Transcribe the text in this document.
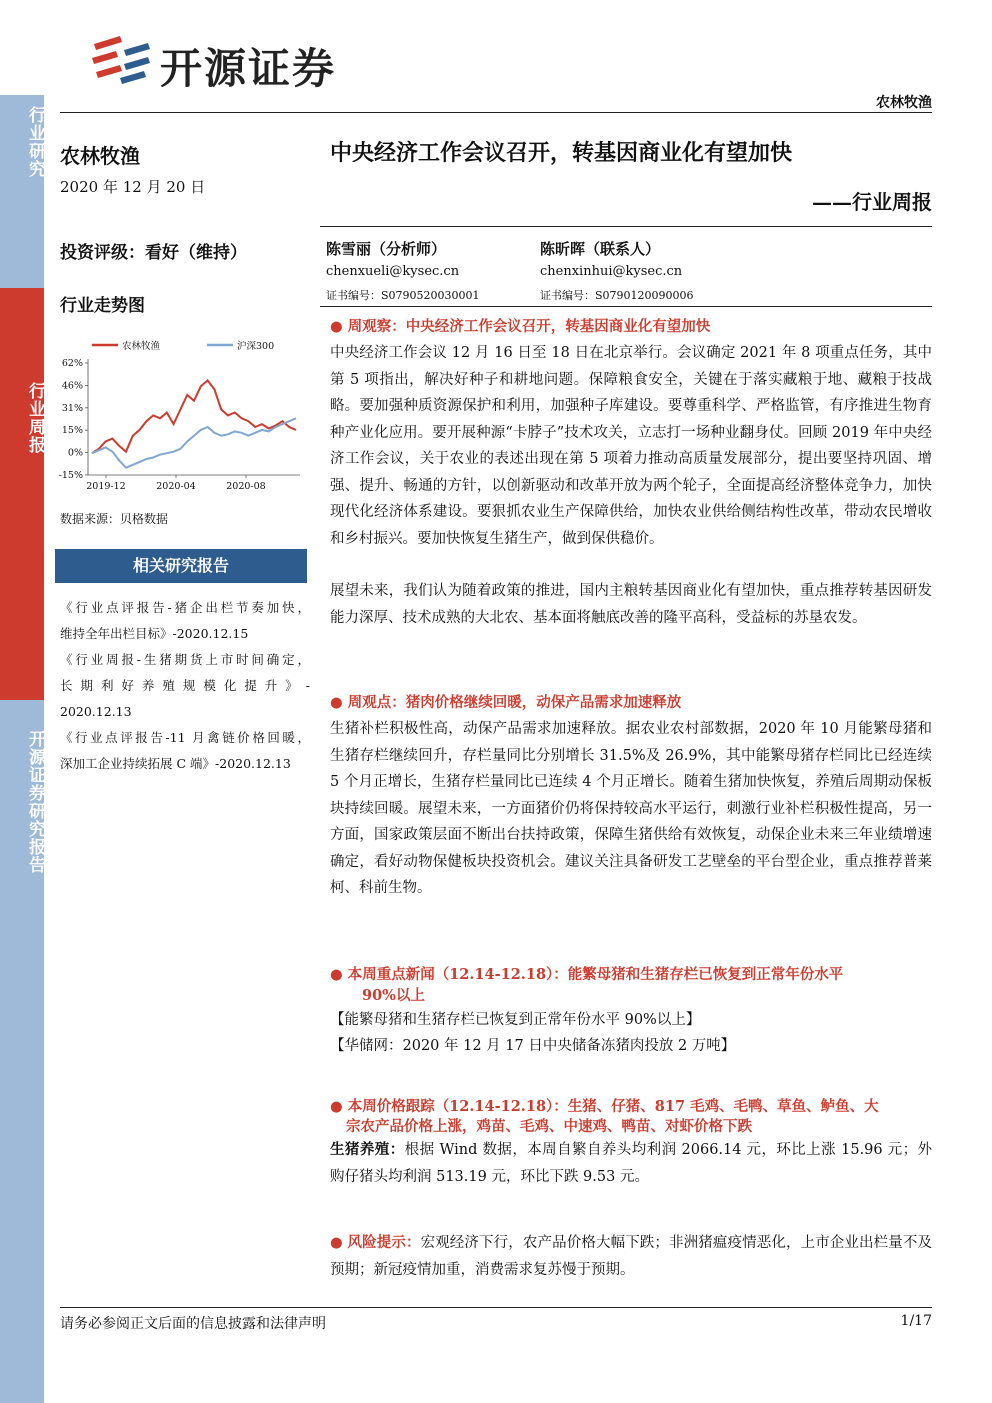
行业研究
行业周报
开源证券研究报告
开源证券
农林牧渔
农林牧渔
2020 年 12 月 20 日
投资评级：看好（维持）
行业走势图
62%
46%
31%
15%
0%
-15%
2019-12	2020-04	2020-08
农林牧渔	沪深300
数据来源：贝格数据
相关研究报告
《行业点评报告-猪企出栏节奏加快，
维持全年出栏目标》-2020.12.15
《行业周报-生猪期货上市时间确定，
长期利好养殖规模化提升》-
2020.12.13
《行业点评报告-11 月禽链价格回暖，
深加工企业持续拓展 C 端》-2020.12.13
中央经济工作会议召开，转基因商业化有望加快
——行业周报
陈雪丽（分析师）
chenxueli@kysec.cn
证书编号：S0790520030001
陈昕晖（联系人）
chenxinhui@kysec.cn
证书编号：S0790120090006
● 周观察：中央经济工作会议召开，转基因商业化有望加快

中央经济工作会议 12 月 16 日至 18 日在北京举行。会议确定 2021 年 8 项重点任务，其中第 5 项指出，解决好种子和耕地问题。保障粮食安全，关键在于落实藏粮于地、藏粮于技战略。要加强种质资源保护和利用，加强种子库建设。要尊重科学、严格监管，有序推进生物育种产业化应用。要开展种源“卡脖子”技术攻关，立志打一场种业翻身仗。回顾 2019 年中央经济工作会议，关于农业的表述出现在第 5 项着力推动高质量发展部分，提出要坚持巩固、增强、提升、畅通的方针，以创新驱动和改革开放为两个轮子，全面提高经济整体竞争力，加快现代化经济体系建设。要狠抓农业生产保障供给，加快农业供给侧结构性改革，带动农民增收和乡村振兴。要加快恢复生猪生产，做到保供稳价。

展望未来，我们认为随着政策的推进，国内主粮转基因商业化有望加快，重点推荐转基因研发能力深厚、技术成熟的大北农、基本面将触底改善的隆平高科，受益标的苏垦农发。

● 周观点：猪肉价格继续回暖，动保产品需求加速释放

生猪补栏积极性高，动保产品需求加速释放。据农业农村部数据，2020 年 10 月能繁母猪和生猪存栏继续回升，存栏量同比分别增长 31.5%及 26.9%，其中能繁母猪存栏同比已经连续 5 个月正增长，生猪存栏量同比已连续 4 个月正增长。随着生猪加快恢复，养殖后周期动保板块持续回暖。展望未来，一方面猪价仍将保持较高水平运行，刺激行业补栏积极性提高，另一方面，国家政策层面不断出台扶持政策，保障生猪供给有效恢复，动保企业未来三年业绩增速确定，看好动物保健板块投资机会。建议关注具备研发工艺壁垒的平台型企业，重点推荐普莱柯、科前生物。

● 本周重点新闻（12.14-12.18）：能繁母猪和生猪存栏已恢复到正常年份水平
90%以上
【能繁母猪和生猪存栏已恢复到正常年份水平 90%以上】
【华储网：2020 年 12 月 17 日中央储备冻猪肉投放 2 万吨】
● 本周价格跟踪（12.14-12.18）：生猪、仔猪、817 毛鸡、毛鸭、草鱼、鲈鱼、大
宗农产品价格上涨，鸡苗、毛鸡、中速鸡、鸭苗、对虾价格下跌

生猪养殖：根据 Wind 数据，本周自繁自养头均利润 2066.14 元，环比上涨 15.96 元；外购仔猪头均利润 513.19 元，环比下跌 9.53 元。

● 风险提示：宏观经济下行，农产品价格大幅下跌；非洲猪瘟疫情恶化，上市企业出栏量不及预期；新冠疫情加重，消费需求复苏慢于预期。

请务必参阅正文后面的信息披露和法律声明	1/17
